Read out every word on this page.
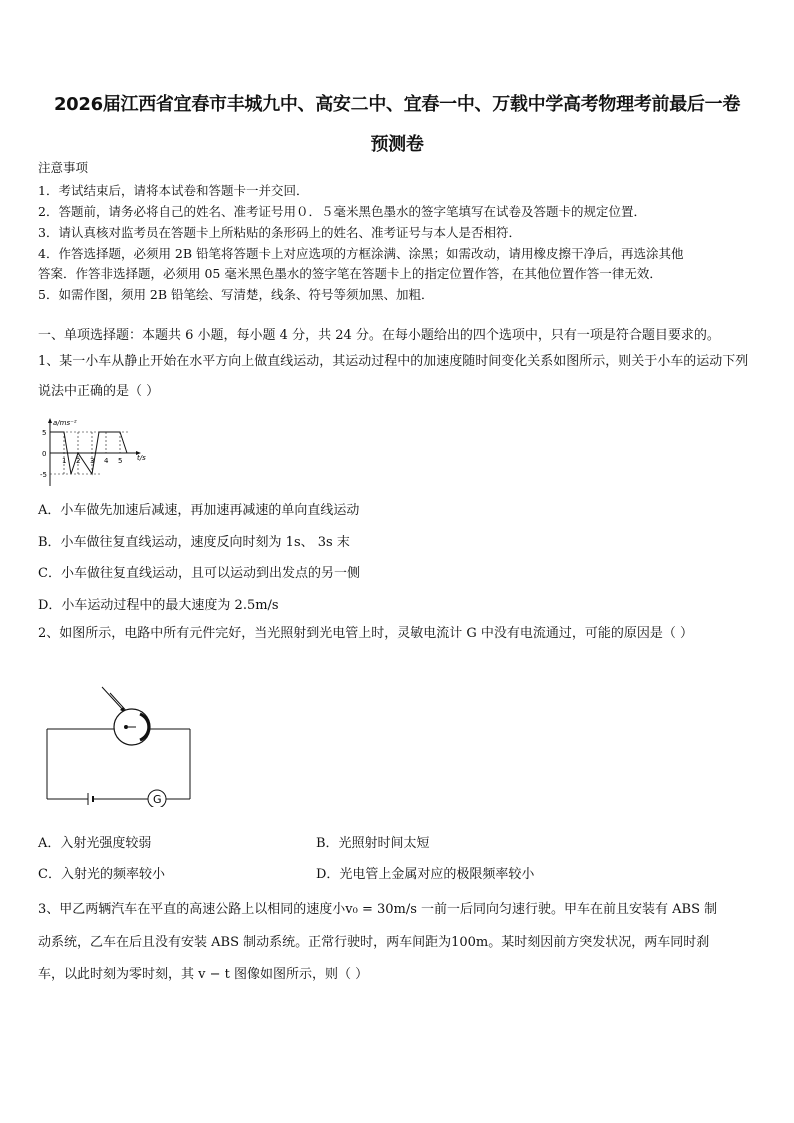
2026届江西省宜春市丰城九中、高安二中、宜春一中、万载中学高考物理考前最后一卷
预测卷
注意事项
1．考试结束后，请将本试卷和答题卡一并交回．
2．答题前，请务必将自己的姓名、准考证号用０．５毫米黑色墨水的签字笔填写在试卷及答题卡的规定位置．
3．请认真核对监考员在答题卡上所粘贴的条形码上的姓名、准考证号与本人是否相符．
4．作答选择题，必须用 2B 铅笔将答题卡上对应选项的方框涂满、涂黑；如需改动，请用橡皮擦干净后，再选涂其他
答案．作答非选择题，必须用 05 毫米黑色墨水的签字笔在答题卡上的指定位置作答，在其他位置作答一律无效．
5．如需作图，须用 2B 铅笔绘、写清楚，线条、符号等须加黑、加粗．
一、单项选择题：本题共 6 小题，每小题 4 分，共 24 分。在每小题给出的四个选项中，只有一项是符合题目要求的。
1、某一小车从静止开始在水平方向上做直线运动，其运动过程中的加速度随时间变化关系如图所示，则关于小车的运动下列说法中正确的是（ ）
a/ms⁻²
t/s
5
0
-5
1 2 3 4 5
A．小车做先加速后减速，再加速再减速的单向直线运动
B．小车做往复直线运动，速度反向时刻为 1s、 3s 末
C．小车做往复直线运动，且可以运动到出发点的另一侧
D．小车运动过程中的最大速度为 2.5m/s
2、如图所示，电路中所有元件完好，当光照射到光电管上时，灵敏电流计 G 中没有电流通过，可能的原因是（ ）
G
A．入射光强度较弱	B．光照射时间太短
C．入射光的频率较小	D．光电管上金属对应的极限频率较小
3、甲乙两辆汽车在平直的高速公路上以相同的速度小v₀ = 30m/s 一前一后同向匀速行驶。甲车在前且安装有 ABS 制
动系统，乙车在后且没有安装 ABS 制动系统。正常行驶时，两车间距为100m。某时刻因前方突发状况，两车同时刹
车，以此时刻为零时刻，其 v − t 图像如图所示，则（ ）
